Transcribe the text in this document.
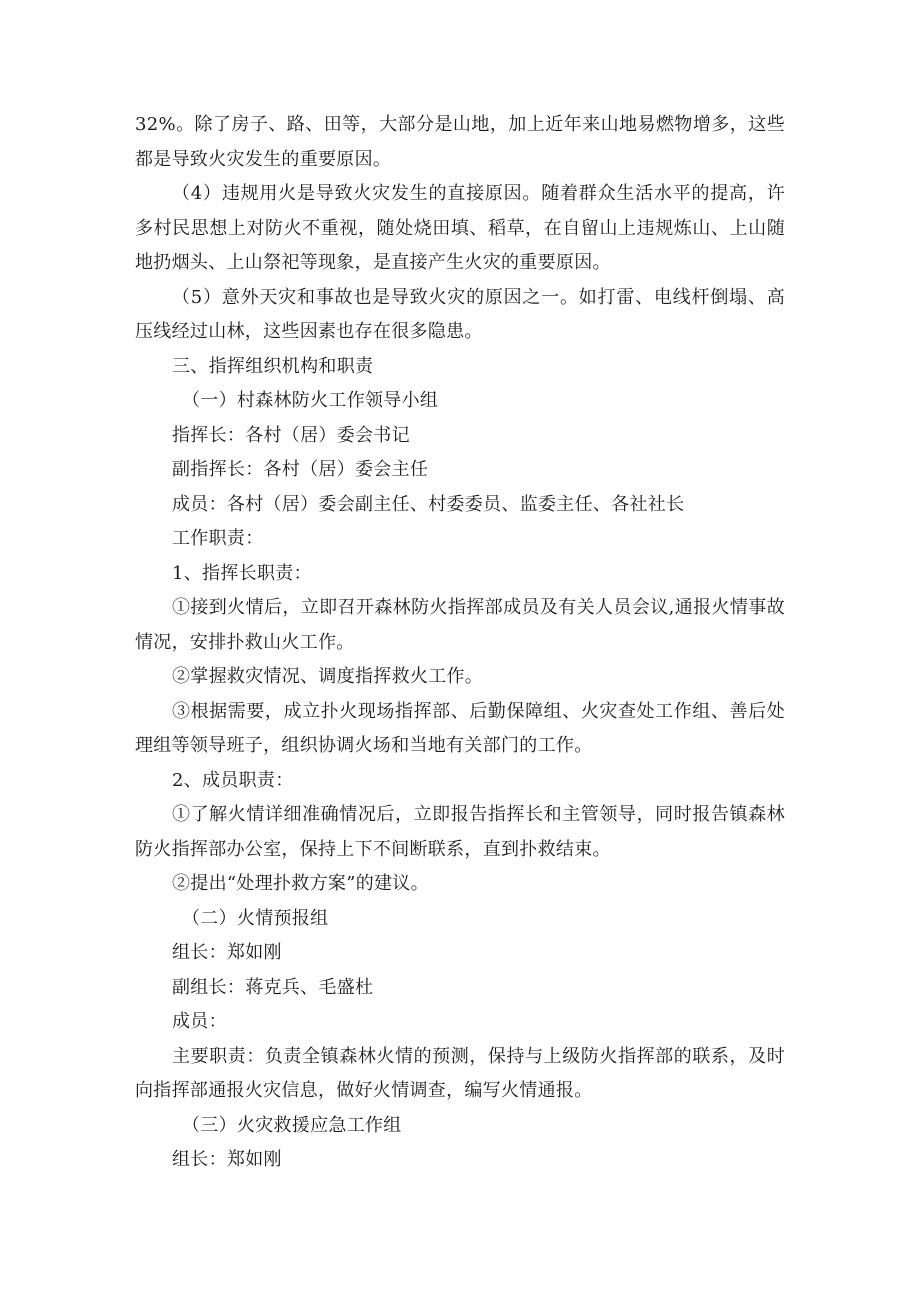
32%。除了房子、路、田等，大部分是山地，加上近年来山地易燃物增多，这些都是导致火灾发生的重要原因。

（4）违规用火是导致火灾发生的直接原因。随着群众生活水平的提高，许多村民思想上对防火不重视，随处烧田填、稻草，在自留山上违规炼山、上山随地扔烟头、上山祭祀等现象，是直接产生火灾的重要原因。

（5）意外天灾和事故也是导致火灾的原因之一。如打雷、电线杆倒塌、高压线经过山林，这些因素也存在很多隐患。

三、指挥组织机构和职责

（一）村森林防火工作领导小组

指挥长：各村（居）委会书记

副指挥长：各村（居）委会主任

成员：各村（居）委会副主任、村委委员、监委主任、各社社长

工作职责：

1、指挥长职责：

①接到火情后，立即召开森林防火指挥部成员及有关人员会议,通报火情事故情况，安排扑救山火工作。

②掌握救灾情况、调度指挥救火工作。

③根据需要，成立扑火现场指挥部、后勤保障组、火灾查处工作组、善后处理组等领导班子，组织协调火场和当地有关部门的工作。

2、成员职责：

①了解火情详细准确情况后，立即报告指挥长和主管领导，同时报告镇森林防火指挥部办公室，保持上下不间断联系，直到扑救结束。

②提出“处理扑救方案”的建议。

（二）火情预报组

组长：郑如刚

副组长：蒋克兵、毛盛杜

成员：

主要职责：负责全镇森林火情的预测，保持与上级防火指挥部的联系，及时向指挥部通报火灾信息，做好火情调查，编写火情通报。

（三）火灾救援应急工作组

组长：郑如刚
